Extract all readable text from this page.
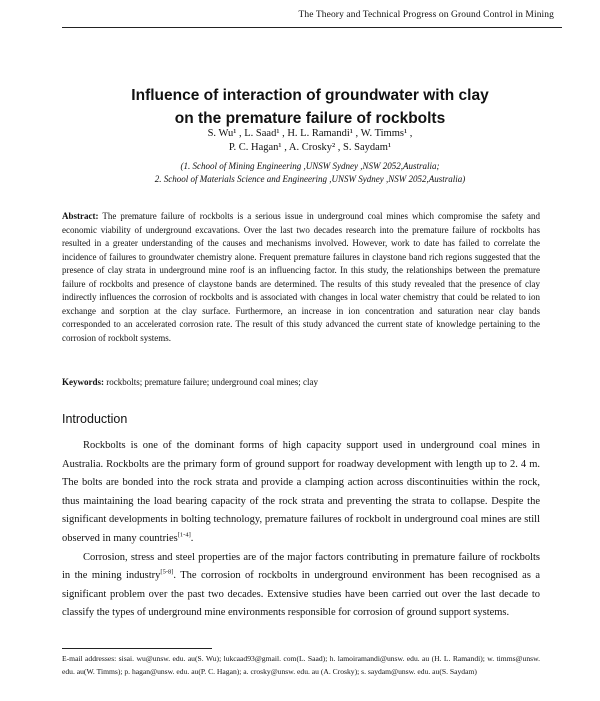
The Theory and Technical Progress on Ground Control in Mining
Influence of interaction of groundwater with clay
on the premature failure of rockbolts
S. Wu¹ , L. Saad¹ , H. L. Ramandi¹ , W. Timms¹ ,
P. C. Hagan¹ , A. Crosky² , S. Saydam¹
(1. School of Mining Engineering ,UNSW Sydney ,NSW 2052,Australia;
2. School of Materials Science and Engineering ,UNSW Sydney ,NSW 2052,Australia)
Abstract: The premature failure of rockbolts is a serious issue in underground coal mines which compromise the safety and economic viability of underground excavations. Over the last two decades research into the premature failure of rockbolts has resulted in a greater understanding of the causes and mechanisms involved. However, work to date has failed to correlate the incidence of failures to groundwater chemistry alone. Frequent premature failures in claystone band rich regions suggested that the presence of clay strata in underground mine roof is an influencing factor. In this study, the relationships between the premature failure of rockbolts and presence of claystone bands are determined. The results of this study revealed that the presence of clay indirectly influences the corrosion of rockbolts and is associated with changes in local water chemistry that could be related to ion exchange and sorption at the clay surface. Furthermore, an increase in ion concentration and saturation near clay bands corresponded to an accelerated corrosion rate. The result of this study advanced the current state of knowledge pertaining to the corrosion of rockbolt systems.
Keywords: rockbolts; premature failure; underground coal mines; clay
Introduction

Rockbolts is one of the dominant forms of high capacity support used in underground coal mines in Australia. Rockbolts are the primary form of ground support for roadway development with length up to 2. 4 m. The bolts are bonded into the rock strata and provide a clamping action across discontinuities within the rock, thus maintaining the load bearing capacity of the rock strata and preventing the strata to collapse. Despite the significant developments in bolting technology, premature failures of rockbolt in underground coal mines are still observed in many countries[1-4].

Corrosion, stress and steel properties are of the major factors contributing in premature failure of rockbolts in the mining industry[5-8]. The corrosion of rockbolts in underground environment has been recognised as a significant problem over the past two decades. Extensive studies have been carried out over the last decade to classify the types of underground mine environments responsible for corrosion of ground support systems.

E-mail addresses: sisai. wu@unsw. edu. au(S. Wu); lukcaad93@gmail. com(L. Saad); h. lamoiramandi@unsw. edu. au (H. L. Ramandi); w. timms@unsw. edu. au(W. Timms); p. hagan@unsw. edu. au(P. C. Hagan); a. crosky@unsw. edu. au (A. Crosky); s. saydam@unsw. edu. au(S. Saydam)
